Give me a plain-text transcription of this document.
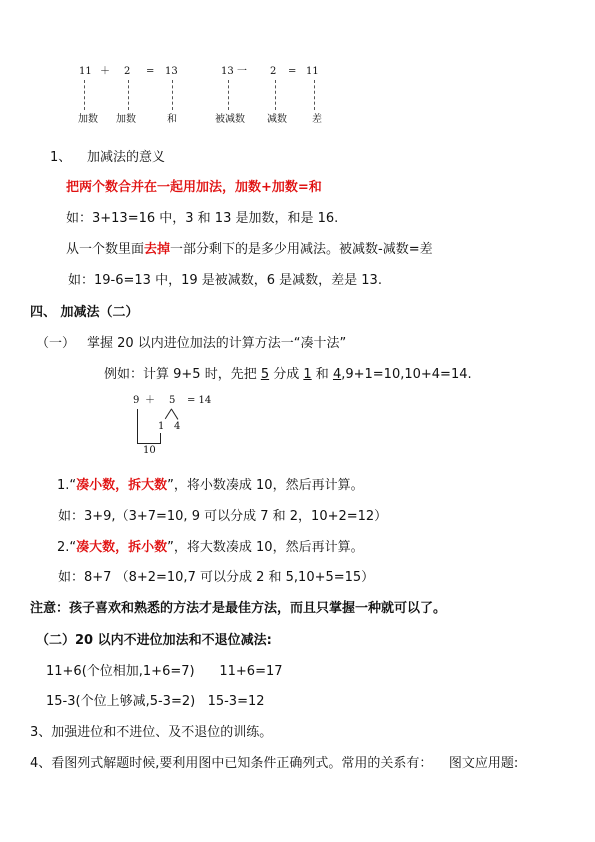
11 ＋ 2 = 13
加数 加数	和
13 一 2 = 11
被减数 减数	差
1、 加减法的意义
把两个数合并在一起用加法，加数+加数=和
如：3+13=16 中，3 和 13 是加数，和是 16.
从一个数里面去掉一部分剩下的是多少用减法。被减数-减数=差
如：19-6=13 中，19 是被减数，6 是减数，差是 13.
四、 加减法（二）
（一） 掌握 20 以内进位加法的计算方法一“凑十法”
例如：计算 9+5 时，先把 5 分成 1 和 4,9+1=10,10+4=14.
9 ＋ 5 = 14
1 4
10
1.“凑小数，拆大数”，将小数凑成 10，然后再计算。
如：3+9,（3+7=10, 9 可以分成 7 和 2，10+2=12）
2.“凑大数，拆小数”，将大数凑成 10，然后再计算。
如：8+7 （8+2=10,7 可以分成 2 和 5,10+5=15）
注意：孩子喜欢和熟悉的方法才是最佳方法，而且只掌握一种就可以了。
（二）20 以内不进位加法和不退位减法:
11+6(个位相加,1+6=7)      11+6=17
15-3(个位上够减,5-3=2)   15-3=12
3、加强进位和不进位、及不退位的训练。
4、看图列式解题时候,要利用图中已知条件正确列式。常用的关系有：    图文应用题:
